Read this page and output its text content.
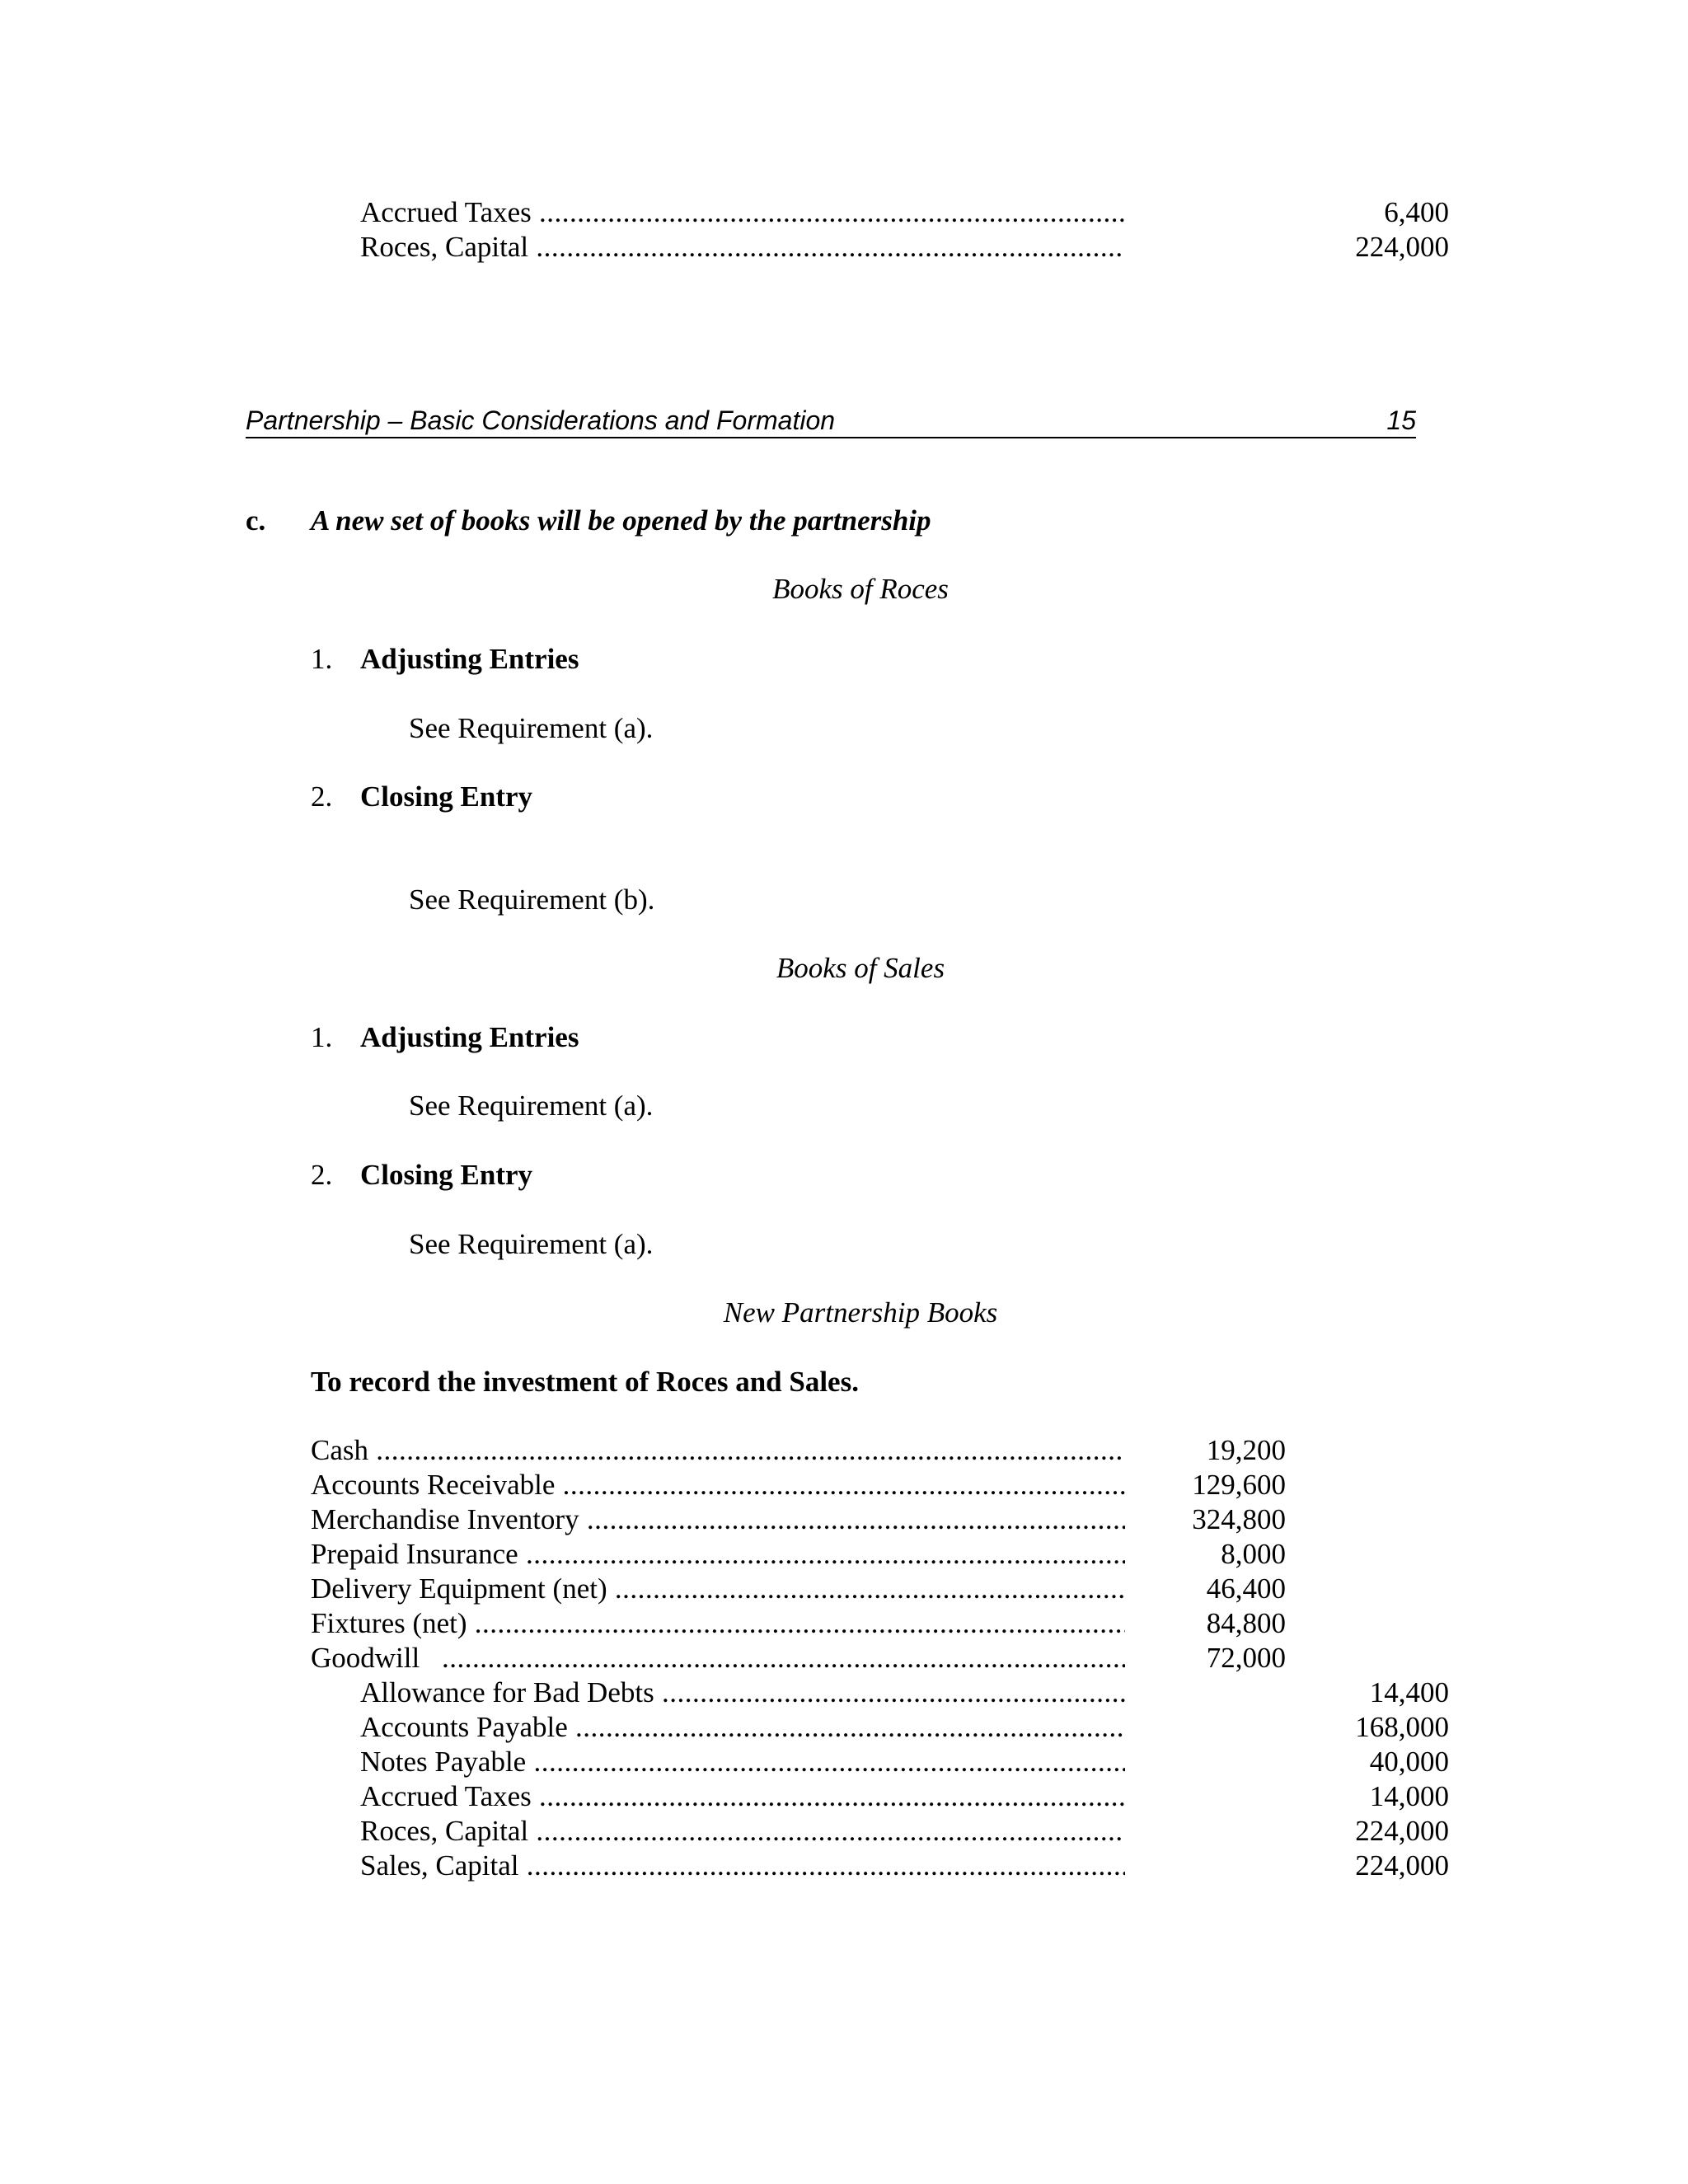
Accrued Taxes .....	6,400
Roces, Capital .....	224,000
Partnership – Basic Considerations and Formation	15
c. A new set of books will be opened by the partnership
Books of Roces
1. Adjusting Entries
See Requirement (a).
2. Closing Entry
See Requirement (b).
Books of Sales
1. Adjusting Entries
See Requirement (a).
2. Closing Entry
See Requirement (a).
New Partnership Books
To record the investment of Roces and Sales.
Cash .....	19,200
Accounts Receivable .....	129,600
Merchandise Inventory .....	324,800
Prepaid Insurance .....	8,000
Delivery Equipment (net) .....	46,400
Fixtures (net) .....	84,800
Goodwill   .....	72,000
Allowance for Bad Debts .....	14,400
Accounts Payable .....	168,000
Notes Payable .....	40,000
Accrued Taxes .....	14,000
Roces, Capital .....	224,000
Sales, Capital .....	224,000
